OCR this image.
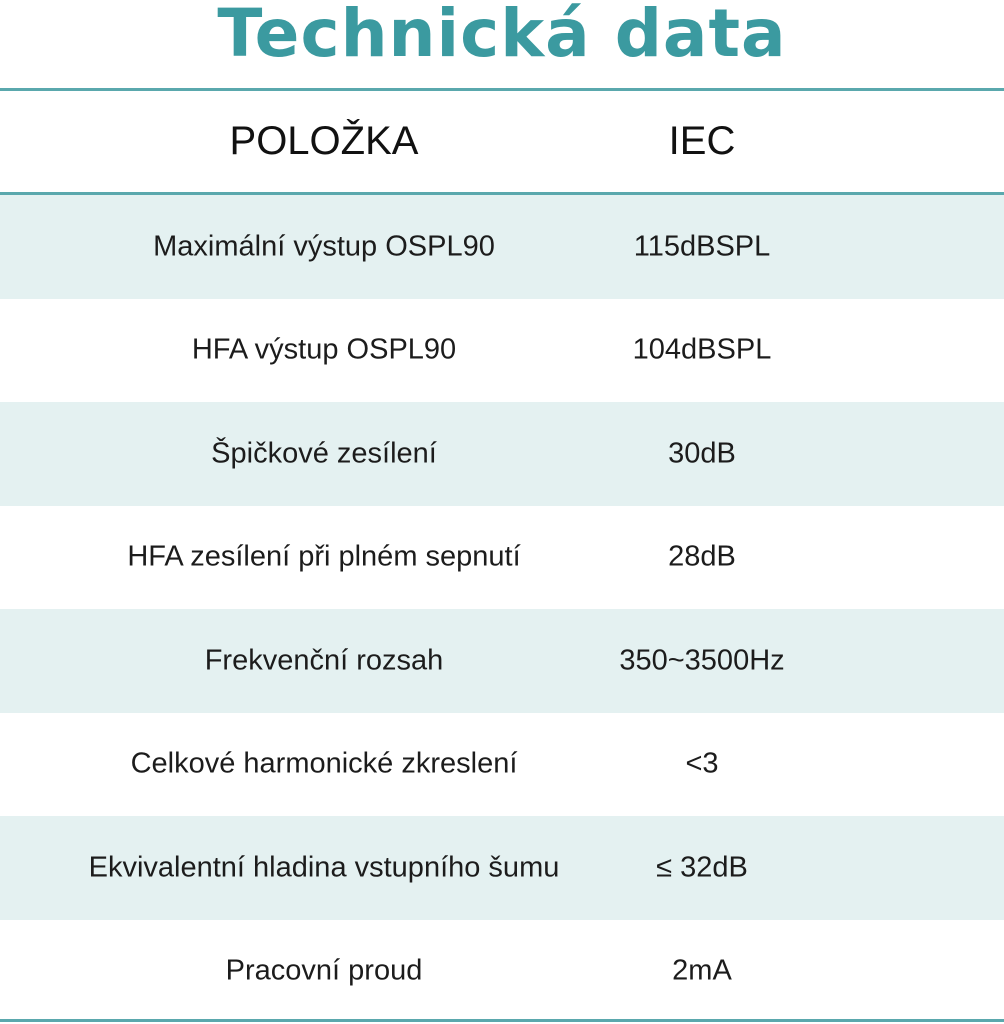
Technická data
POLOŽKA	IEC
Maximální výstup OSPL90	115dBSPL
HFA výstup OSPL90	104dBSPL
Špičkové zesílení	30dB
HFA zesílení při plném sepnutí	28dB
Frekvenční rozsah	350~3500Hz
Celkové harmonické zkreslení	<3
Ekvivalentní hladina vstupního šumu	≤ 32dB
Pracovní proud	2mA
